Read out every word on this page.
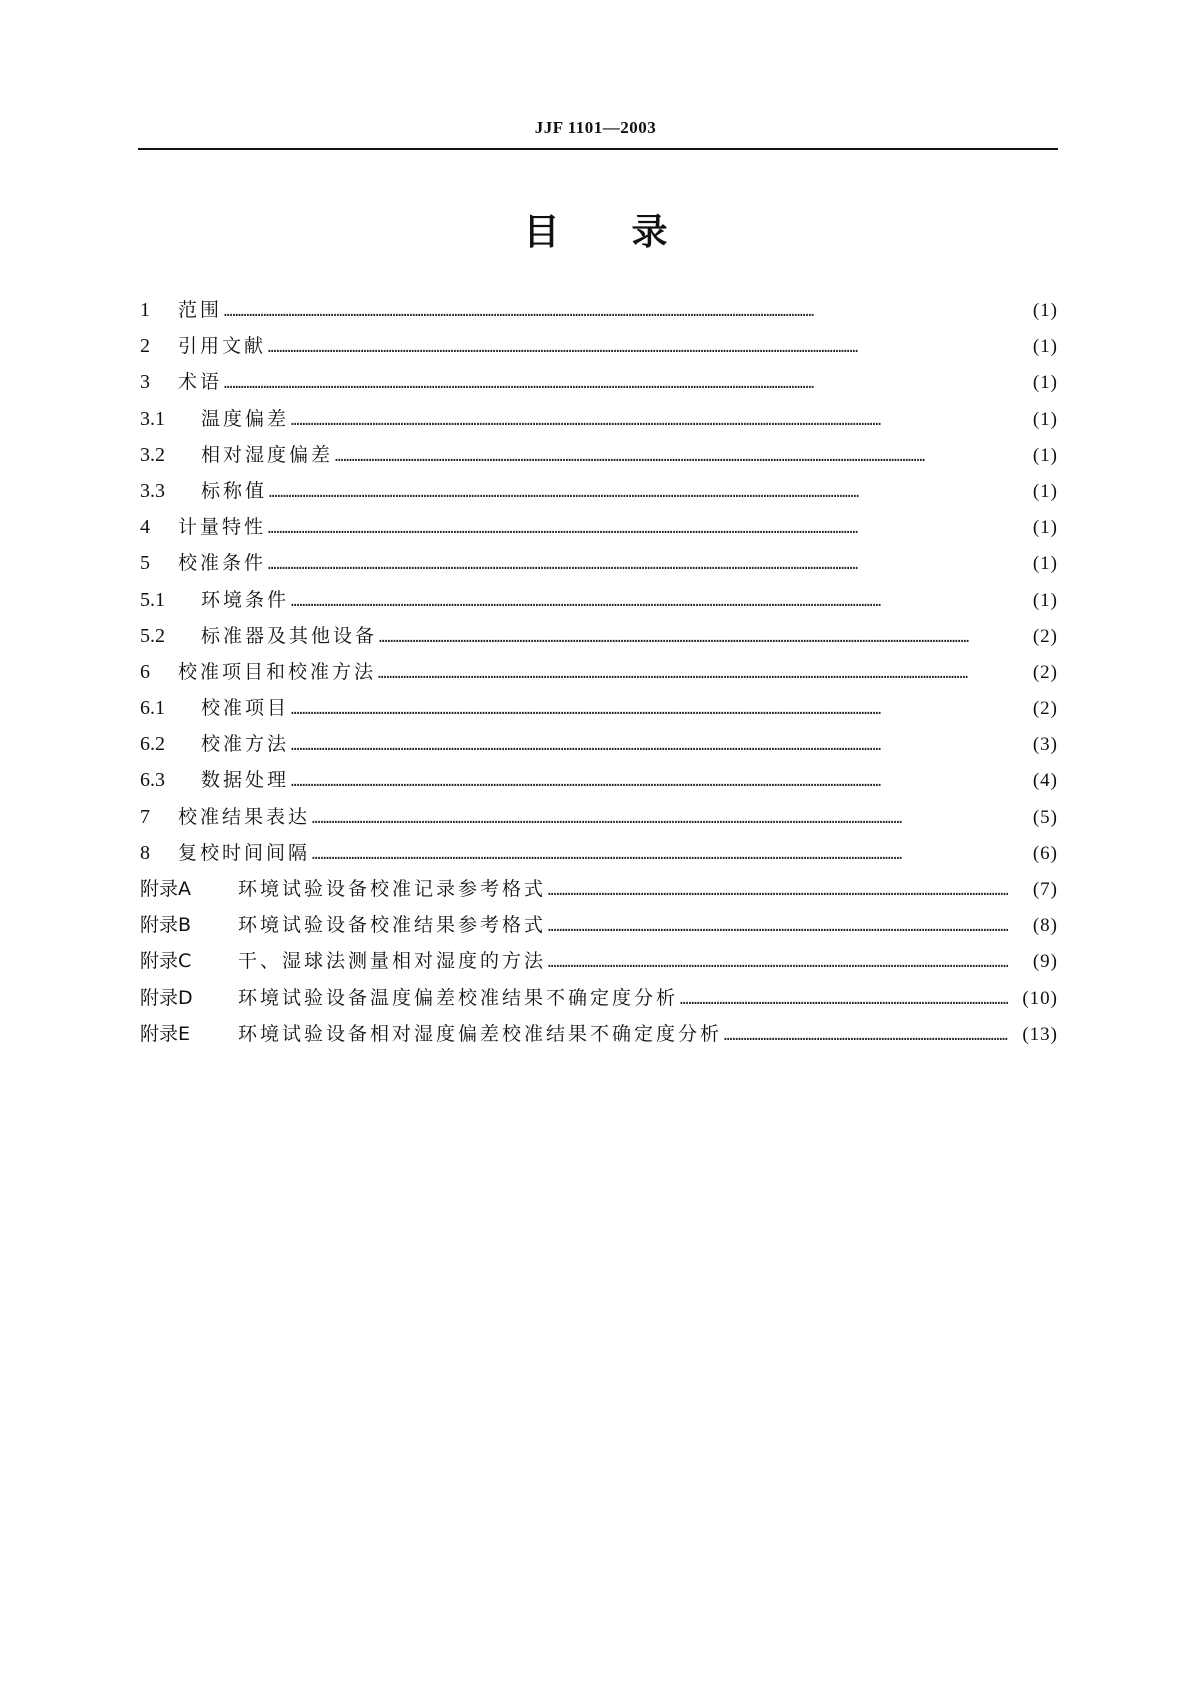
JJF 1101—2003
目 录
1	范围 …………………………………………………………………………………………………………………………………………………………………………………………	(1)
2	引用文献 …………………………………………………………………………………………………………………………………………………………………………………………	(1)
3	术语 …………………………………………………………………………………………………………………………………………………………………………………………	(1)
3.1	温度偏差 …………………………………………………………………………………………………………………………………………………………………………………………	(1)
3.2	相对湿度偏差 …………………………………………………………………………………………………………………………………………………………………………………………	(1)
3.3	标称值 …………………………………………………………………………………………………………………………………………………………………………………………	(1)
4	计量特性 …………………………………………………………………………………………………………………………………………………………………………………………	(1)
5	校准条件 …………………………………………………………………………………………………………………………………………………………………………………………	(1)
5.1	环境条件 …………………………………………………………………………………………………………………………………………………………………………………………	(1)
5.2	标准器及其他设备 …………………………………………………………………………………………………………………………………………………………………………………………	(2)
6	校准项目和校准方法 …………………………………………………………………………………………………………………………………………………………………………………………	(2)
6.1	校准项目 …………………………………………………………………………………………………………………………………………………………………………………………	(2)
6.2	校准方法 …………………………………………………………………………………………………………………………………………………………………………………………	(3)
6.3	数据处理 …………………………………………………………………………………………………………………………………………………………………………………………	(4)
7	校准结果表达 …………………………………………………………………………………………………………………………………………………………………………………………	(5)
8	复校时间间隔 …………………………………………………………………………………………………………………………………………………………………………………………	(6)
附录A	环境试验设备校准记录参考格式 …………………………………………………………………………………………………………………………………………………………………………………………	(7)
附录B	环境试验设备校准结果参考格式 …………………………………………………………………………………………………………………………………………………………………………………………	(8)
附录C	干、湿球法测量相对湿度的方法 …………………………………………………………………………………………………………………………………………………………………………………………	(9)
附录D	环境试验设备温度偏差校准结果不确定度分析 …………………………………………………………………………………………………………………………………………………………………………………………	(10)
附录E	环境试验设备相对湿度偏差校准结果不确定度分析 …………………………………………………………………………………………………………………………………………………………………………………………	(13)
